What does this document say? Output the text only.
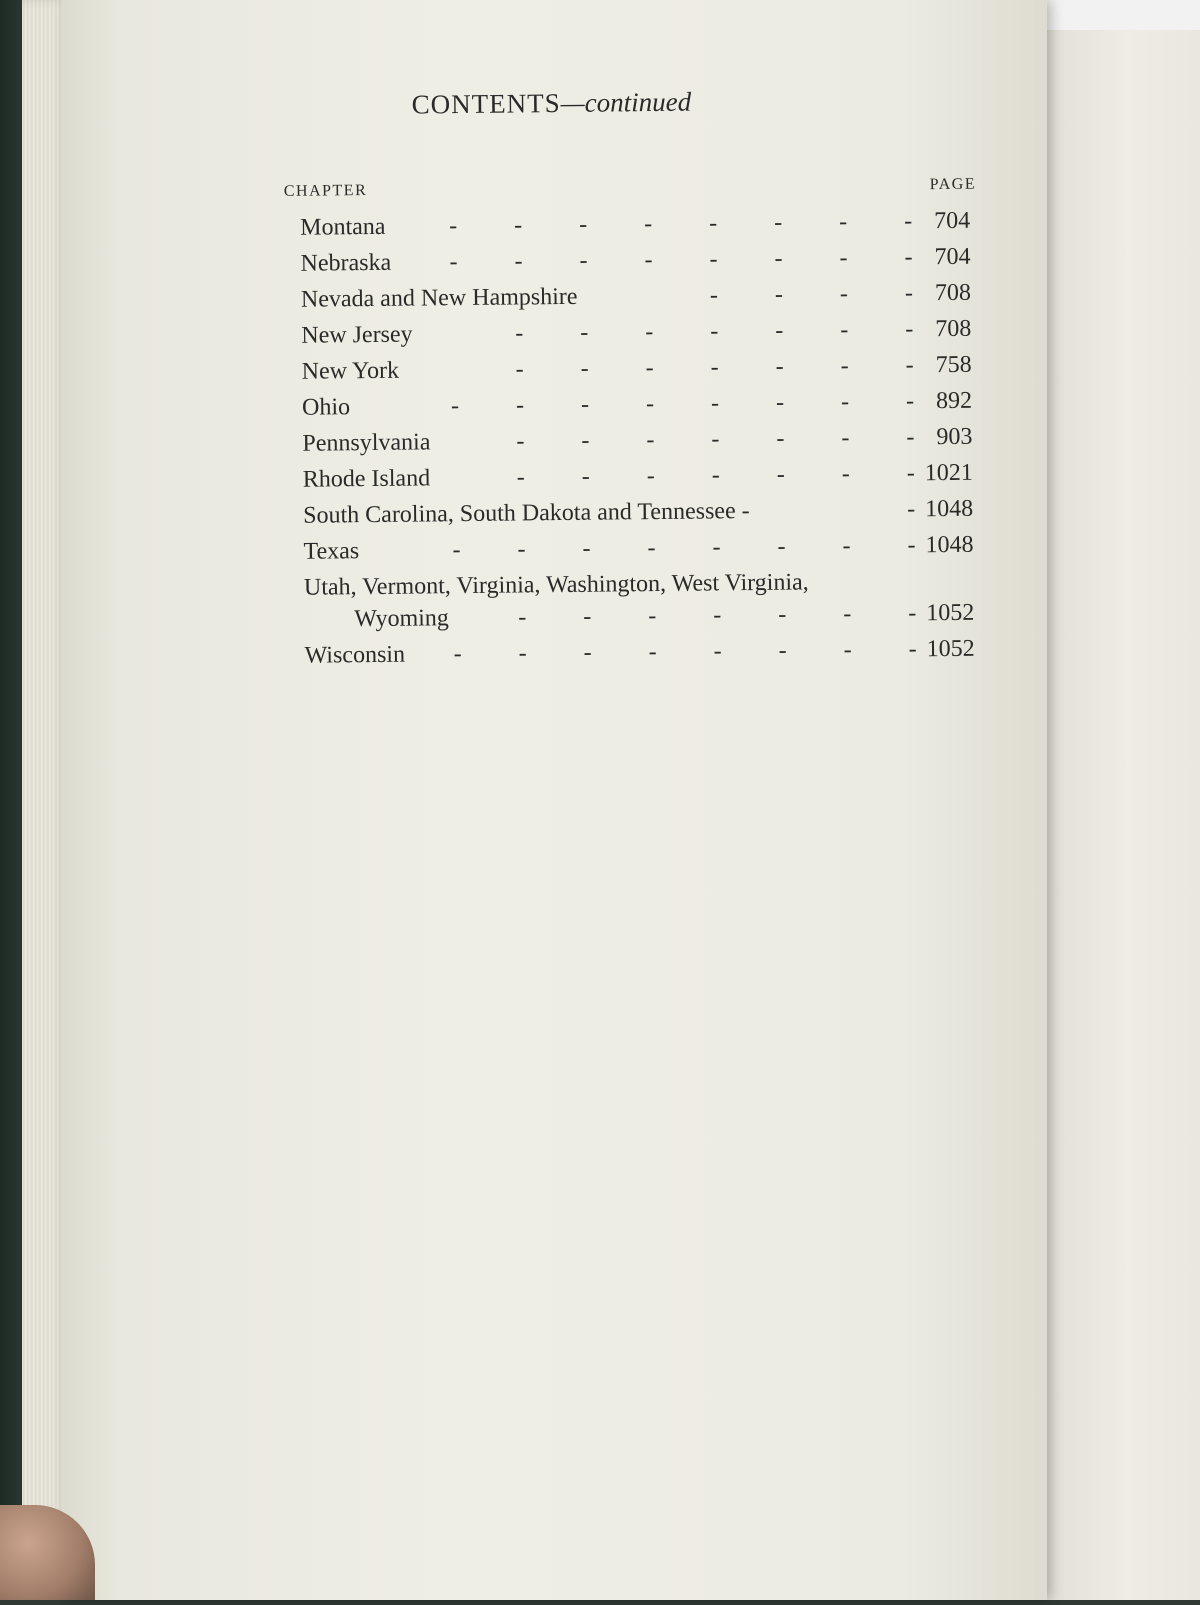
CONTENTS—continued
CHAPTER	PAGE
Montana	- - - - - - - - 704
Nebraska	- - - - - - - - 704
Nevada and New Hampshire	- - - - 708
New Jersey	- - - - - - - 708
New York	- - - - - - - 758
Ohio	- - - - - - - - 892
Pennsylvania	- - - - - - - 903
Rhode Island	- - - - - - - 1021
South Carolina, South Dakota and Tennessee -	- 1048
Texas	- - - - - - - - 1048
Utah, Vermont, Virginia, Washington, West Virginia,
Wyoming	- - - - - - - 1052
Wisconsin	- - - - - - - - 1052
